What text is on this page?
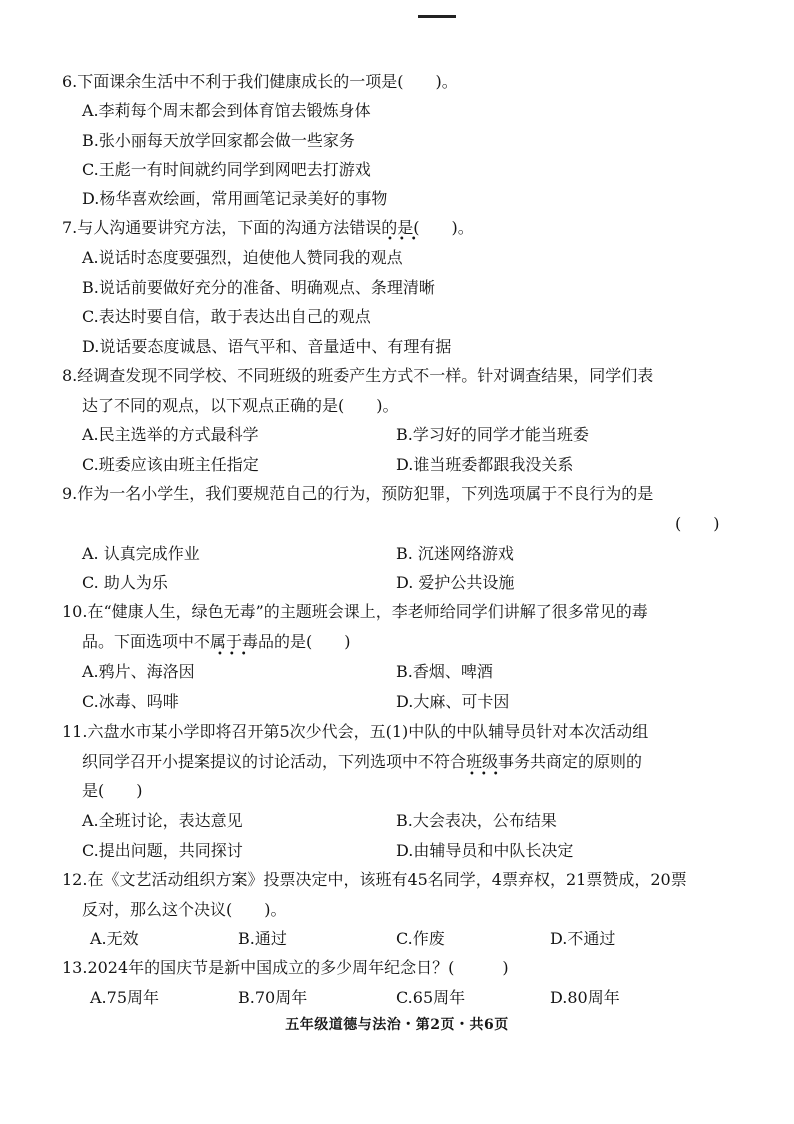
6.下面课余生活中不利于我们健康成长的一项是(　　)。
A.李莉每个周末都会到体育馆去锻炼身体
B.张小丽每天放学回家都会做一些家务
C.王彪一有时间就约同学到网吧去打游戏
D.杨华喜欢绘画，常用画笔记录美好的事物
7.与人沟通要讲究方法，下面的沟通方法错误的是(　　)。
•••
A.说话时态度要强烈，迫使他人赞同我的观点
B.说话前要做好充分的准备、明确观点、条理清晰
C.表达时要自信，敢于表达出自己的观点
D.说话要态度诚恳、语气平和、音量适中、有理有据
8.经调查发现不同学校、不同班级的班委产生方式不一样。针对调查结果，同学们表
达了不同的观点，以下观点正确的是(　　)。
A.民主选举的方式最科学	B.学习好的同学才能当班委
C.班委应该由班主任指定	D.谁当班委都跟我没关系
9.作为一名小学生，我们要规范自己的行为，预防犯罪，下列选项属于不良行为的是
(　　)
A. 认真完成作业	B. 沉迷网络游戏
C. 助人为乐	D. 爱护公共设施
10.在“健康人生，绿色无毒”的主题班会课上，李老师给同学们讲解了很多常见的毒
品。下面选项中不属于毒品的是(　　)
•••
A.鸦片、海洛因	B.香烟、啤酒
C.冰毒、吗啡	D.大麻、可卡因
11.六盘水市某小学即将召开第5次少代会，五(1)中队的中队辅导员针对本次活动组
织同学召开小提案提议的讨论活动，下列选项中不符合班级事务共商定的原则的
•••
是(　　)
A.全班讨论，表达意见	B.大会表决，公布结果
C.提出问题，共同探讨	D.由辅导员和中队长决定
12.在《文艺活动组织方案》投票决定中，该班有45名同学，4票弃权，21票赞成，20票
反对，那么这个决议(　　)。
A.无效	B.通过	C.作废	D.不通过
13.2024年的国庆节是新中国成立的多少周年纪念日？(　　　)
A.75周年	B.70周年	C.65周年	D.80周年
五年级道德与法治・第2页・共6页
